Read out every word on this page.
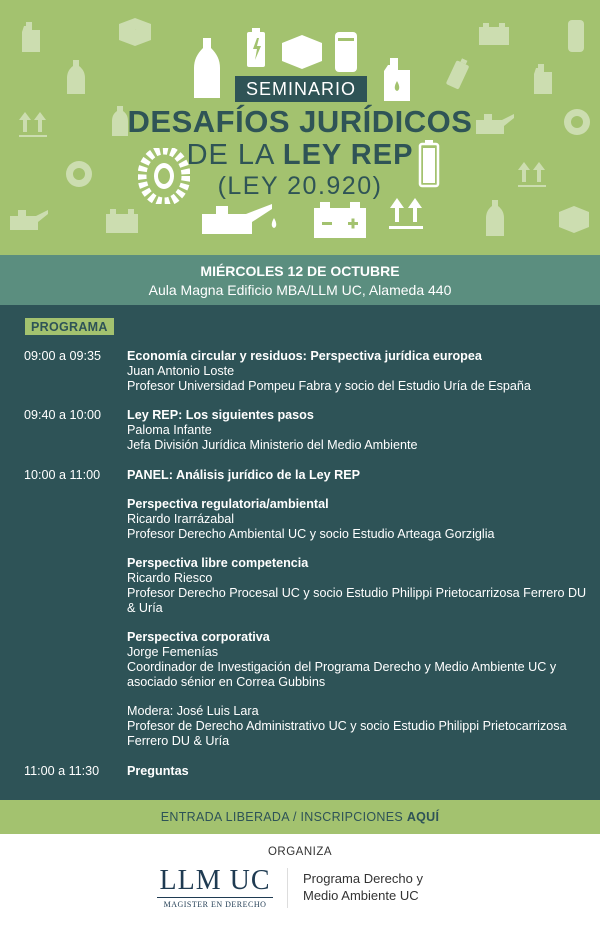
SEMINARIO
DESAFÍOS JURÍDICOS
DE LA LEY REP
(LEY 20.920)
MIÉRCOLES 12 DE OCTUBRE
Aula Magna Edificio MBA/LLM UC, Alameda 440
PROGRAMA
09:00 a 09:35 Economía circular y residuos: Perspectiva jurídica europea

Juan Antonio Loste

Profesor Universidad Pompeu Fabra y socio del Estudio Uría de España

09:40 a 10:00 Ley REP: Los siguientes pasos

Paloma Infante

Jefa División Jurídica Ministerio del Medio Ambiente

10:00 a 11:00 PANEL: Análisis jurídico de la Ley REP

Perspectiva regulatoria/ambiental

Ricardo Irarrázabal

Profesor Derecho Ambiental UC y socio Estudio Arteaga Gorziglia

Perspectiva libre competencia

Ricardo Riesco

Profesor Derecho Procesal UC y socio Estudio Philippi Prietocarrizosa Ferrero DU & Uría

Perspectiva corporativa

Jorge Femenías

Coordinador de Investigación del Programa Derecho y Medio Ambiente UC y asociado sénior en Correa Gubbins

Modera: José Luis Lara

Profesor de Derecho Administrativo UC y socio Estudio Philippi Prietocarrizosa Ferrero DU & Uría

11:00 a 11:30 Preguntas

ENTRADA LIBERADA / INSCRIPCIONES AQUÍ
ORGANIZA
LLM UC
MAGISTER EN DERECHO
Programa Derecho y
Medio Ambiente UC
